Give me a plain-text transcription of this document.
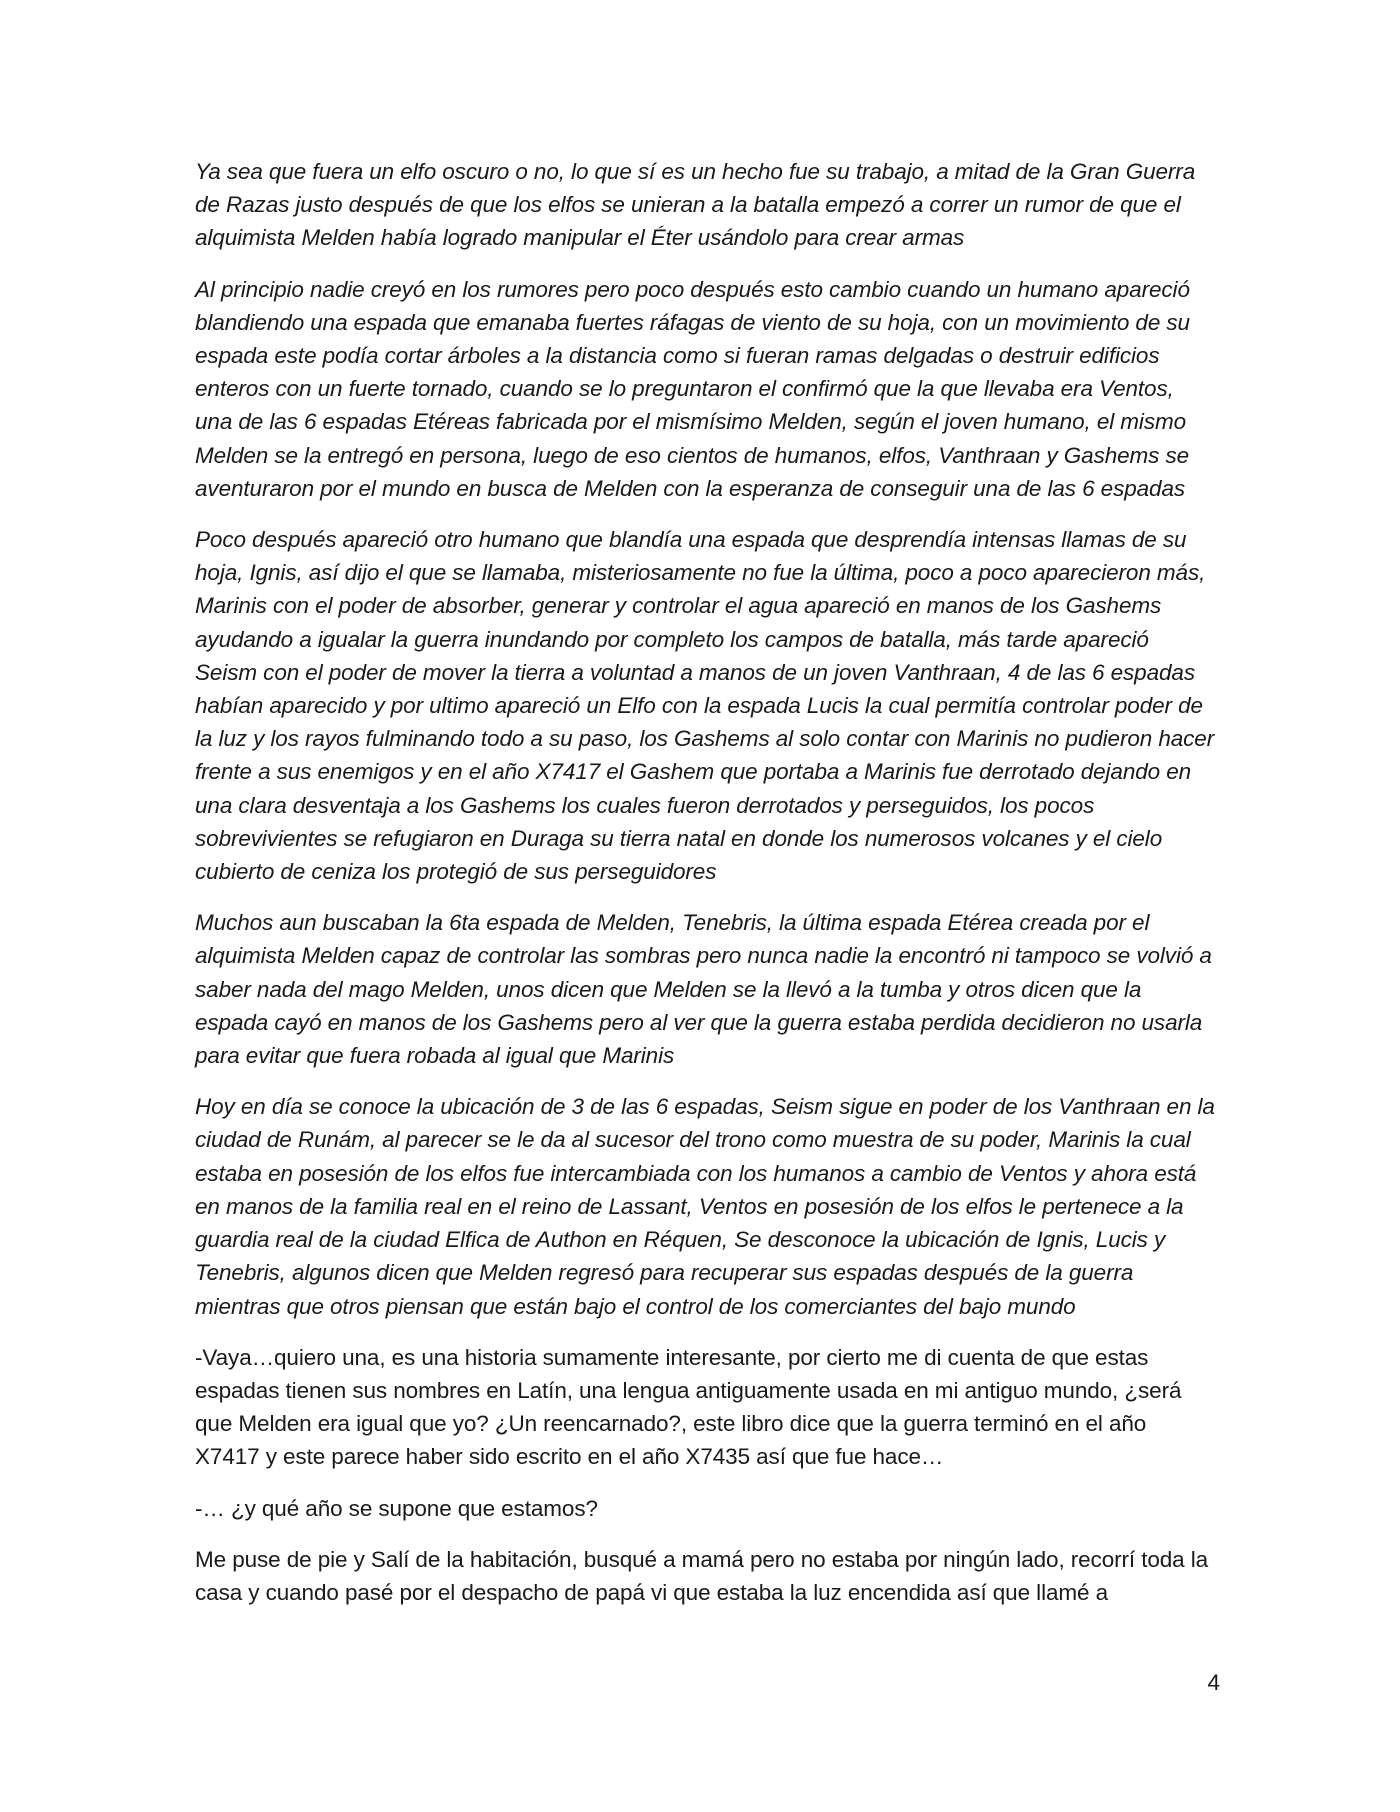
Ya sea que fuera un elfo oscuro o no, lo que sí es un hecho fue su trabajo, a mitad de la Gran Guerra de Razas justo después de que los elfos se unieran a la batalla empezó a correr un rumor de que el alquimista Melden había logrado manipular el Éter usándolo para crear armas

Al principio nadie creyó en los rumores pero poco después esto cambio cuando un humano apareció blandiendo una espada que emanaba fuertes ráfagas de viento de su hoja, con un movimiento de su espada este podía cortar árboles a la distancia como si fueran ramas delgadas o destruir edificios enteros con un fuerte tornado, cuando se lo preguntaron el confirmó que la que llevaba era Ventos, una de las 6 espadas Etéreas fabricada por el mismísimo Melden, según el joven humano, el mismo Melden se la entregó en persona, luego de eso cientos de humanos, elfos, Vanthraan y Gashems se aventuraron por el mundo en busca de Melden con la esperanza de conseguir una de las 6 espadas

Poco después apareció otro humano que blandía una espada que desprendía intensas llamas de su hoja, Ignis, así dijo el que se llamaba, misteriosamente no fue la última, poco a poco aparecieron más, Marinis con el poder de absorber, generar y controlar el agua apareció en manos de los Gashems ayudando a igualar la guerra inundando por completo los campos de batalla, más tarde apareció Seism con el poder de mover la tierra a voluntad a manos de un joven Vanthraan, 4 de las 6 espadas habían aparecido y por ultimo apareció un Elfo con la espada Lucis la cual permitía controlar poder de la luz y los rayos fulminando todo a su paso, los Gashems al solo contar con Marinis no pudieron hacer frente a sus enemigos y en el año X7417 el Gashem que portaba a Marinis fue derrotado dejando en una clara desventaja a los Gashems los cuales fueron derrotados y perseguidos, los pocos sobrevivientes se refugiaron en Duraga su tierra natal en donde los numerosos volcanes y el cielo cubierto de ceniza los protegió de sus perseguidores

Muchos aun buscaban la 6ta espada de Melden, Tenebris, la última espada Etérea creada por el alquimista Melden capaz de controlar las sombras pero nunca nadie la encontró ni tampoco se volvió a saber nada del mago Melden, unos dicen que Melden se la llevó a la tumba y otros dicen que la espada cayó en manos de los Gashems pero al ver que la guerra estaba perdida decidieron no usarla para evitar que fuera robada al igual que Marinis

Hoy en día se conoce la ubicación de 3 de las 6 espadas, Seism sigue en poder de los Vanthraan en la ciudad de Runám, al parecer se le da al sucesor del trono como muestra de su poder, Marinis la cual estaba en posesión de los elfos fue intercambiada con los humanos a cambio de Ventos y ahora está en manos de la familia real en el reino de Lassant, Ventos en posesión de los elfos le pertenece a la guardia real de la ciudad Elfica de Authon en Réquen, Se desconoce la ubicación de Ignis, Lucis y Tenebris, algunos dicen que Melden regresó para recuperar sus espadas después de la guerra mientras que otros piensan que están bajo el control de los comerciantes del bajo mundo

-Vaya…quiero una, es una historia sumamente interesante, por cierto me di cuenta de que estas espadas tienen sus nombres en Latín, una lengua antiguamente usada en mi antiguo mundo, ¿será que Melden era igual que yo? ¿Un reencarnado?, este libro dice que la guerra terminó en el año X7417 y este parece haber sido escrito en el año X7435 así que fue hace…

-… ¿y qué año se supone que estamos?

Me puse de pie y Salí de la habitación, busqué a mamá pero no estaba por ningún lado, recorrí toda la casa y cuando pasé por el despacho de papá vi que estaba la luz encendida así que llamé a

4
